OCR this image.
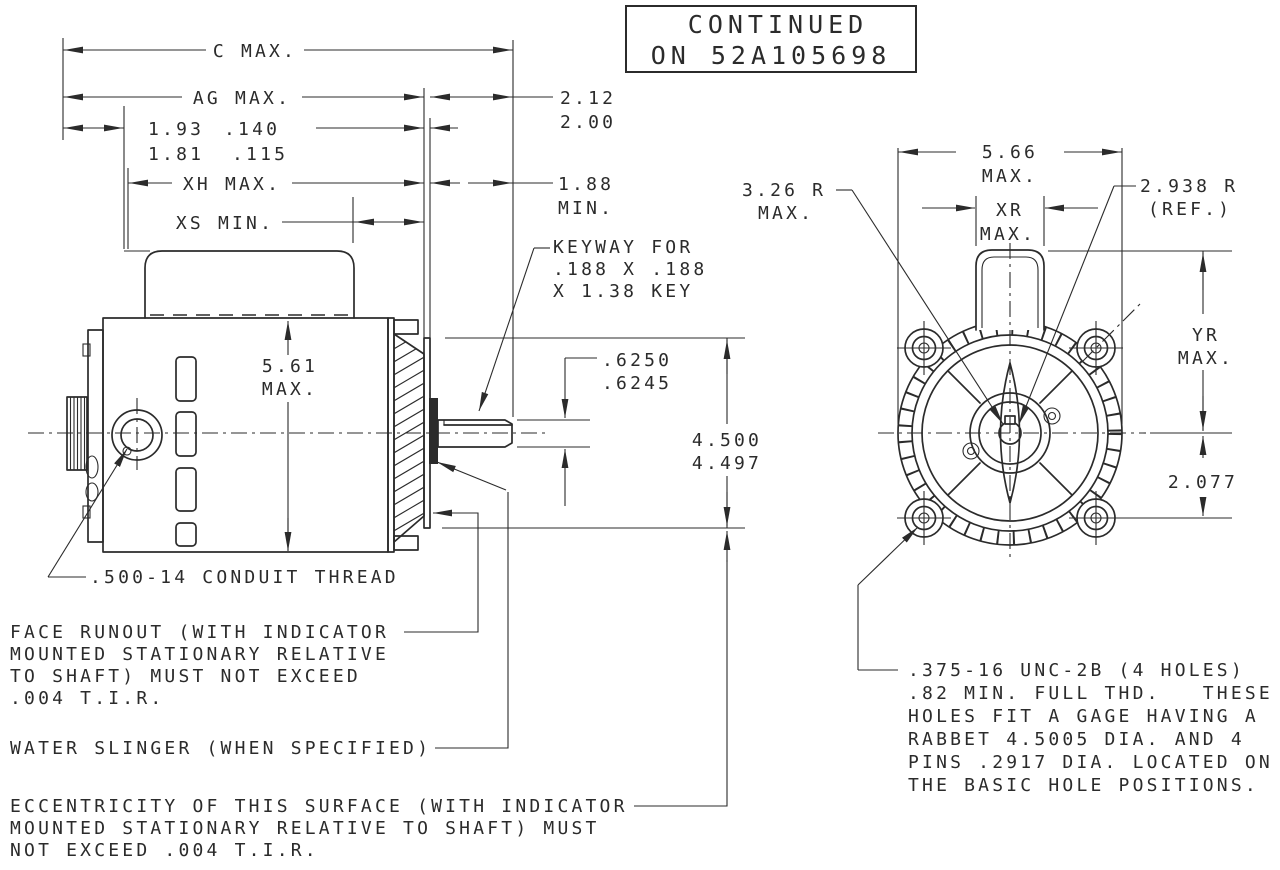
CONTINUED
ON 52A105698
C MAX.
AG MAX.	2.12
2.00
1.93 .140
1.81 .115
XH MAX.	1.88
MIN.
XS MIN.
5.61
MAX.
.6250
.6245
4.500
4.497
KEYWAY FOR
.188 X .188
X 1.38 KEY
.500-14 CONDUIT THREAD
FACE RUNOUT (WITH INDICATOR
MOUNTED STATIONARY RELATIVE
TO SHAFT) MUST NOT EXCEED
.004 T.I.R.
WATER SLINGER (WHEN SPECIFIED)
ECCENTRICITY OF THIS SURFACE (WITH INDICATOR
MOUNTED STATIONARY RELATIVE TO SHAFT) MUST
NOT EXCEED .004 T.I.R.
5.66
MAX.
XR
MAX.
3.26 R
MAX.
2.938 R
(REF.)
YR
MAX.
2.077
.375-16 UNC-2B (4 HOLES)
.82 MIN. FULL THD.   THESE
HOLES FIT A GAGE HAVING A
RABBET 4.5005 DIA. AND 4
PINS .2917 DIA. LOCATED ON
THE BASIC HOLE POSITIONS.
